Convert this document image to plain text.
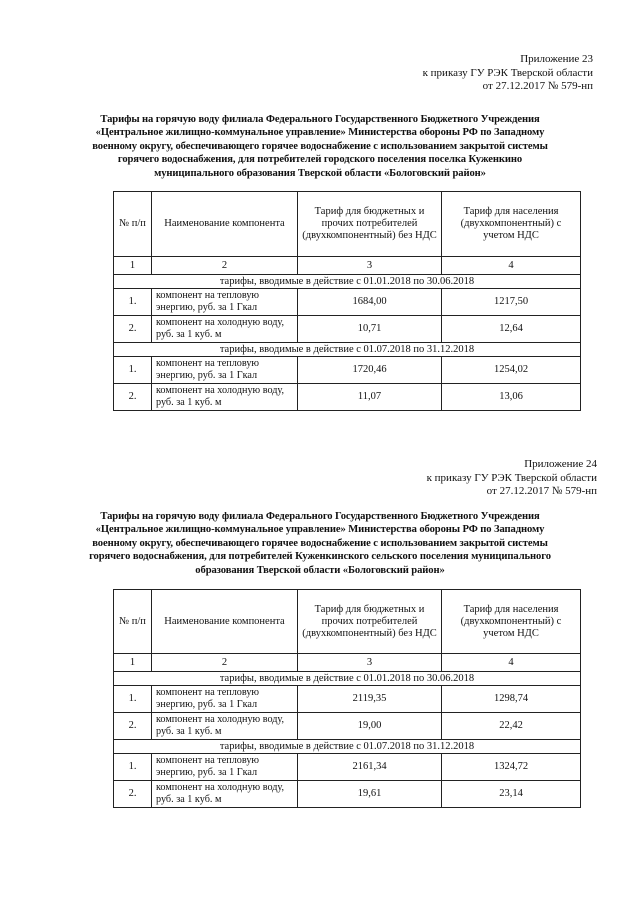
Приложение 23
к приказу ГУ РЭК Тверской области
от 27.12.2017 № 579-нп
Тарифы на горячую воду филиала Федерального Государственного Бюджетного Учреждения
«Центральное жилищно-коммунальное управление» Министерства обороны РФ по Западному
военному округу, обеспечивающего горячее водоснабжение с использованием закрытой системы
горячего водоснабжения, для потребителей городского поселения поселка Куженкино
муниципального образования Тверской области «Бологовский район»
№ п/п	Наименование компонента	Тариф для бюджетных и прочих потребителей (двухкомпонентный) без НДС	Тариф для населения (двухкомпонентный) с учетом НДС
1	2	3	4
тарифы, вводимые в действие с 01.01.2018 по 30.06.2018			
1.	компонент на тепловую энергию, руб. за 1 Гкал	1684,00	1217,50
2.	компонент на холодную воду, руб. за 1 куб. м	10,71	12,64
тарифы, вводимые в действие с 01.07.2018 по 31.12.2018			
1.	компонент на тепловую энергию, руб. за 1 Гкал	1720,46	1254,02
2.	компонент на холодную воду, руб. за 1 куб. м	11,07	13,06
Приложение 24
к приказу ГУ РЭК Тверской области
от 27.12.2017 № 579-нп
Тарифы на горячую воду филиала Федерального Государственного Бюджетного Учреждения
«Центральное жилищно-коммунальное управление» Министерства обороны РФ по Западному
военному округу, обеспечивающего горячее водоснабжение с использованием закрытой системы
горячего водоснабжения, для потребителей Куженкинского сельского поселения муниципального
образования Тверской области «Бологовский район»
№ п/п	Наименование компонента	Тариф для бюджетных и прочих потребителей (двухкомпонентный) без НДС	Тариф для населения (двухкомпонентный) с учетом НДС
1	2	3	4
тарифы, вводимые в действие с 01.01.2018 по 30.06.2018			
1.	компонент на тепловую энергию, руб. за 1 Гкал	2119,35	1298,74
2.	компонент на холодную воду, руб. за 1 куб. м	19,00	22,42
тарифы, вводимые в действие с 01.07.2018 по 31.12.2018			
1.	компонент на тепловую энергию, руб. за 1 Гкал	2161,34	1324,72
2.	компонент на холодную воду, руб. за 1 куб. м	19,61	23,14
